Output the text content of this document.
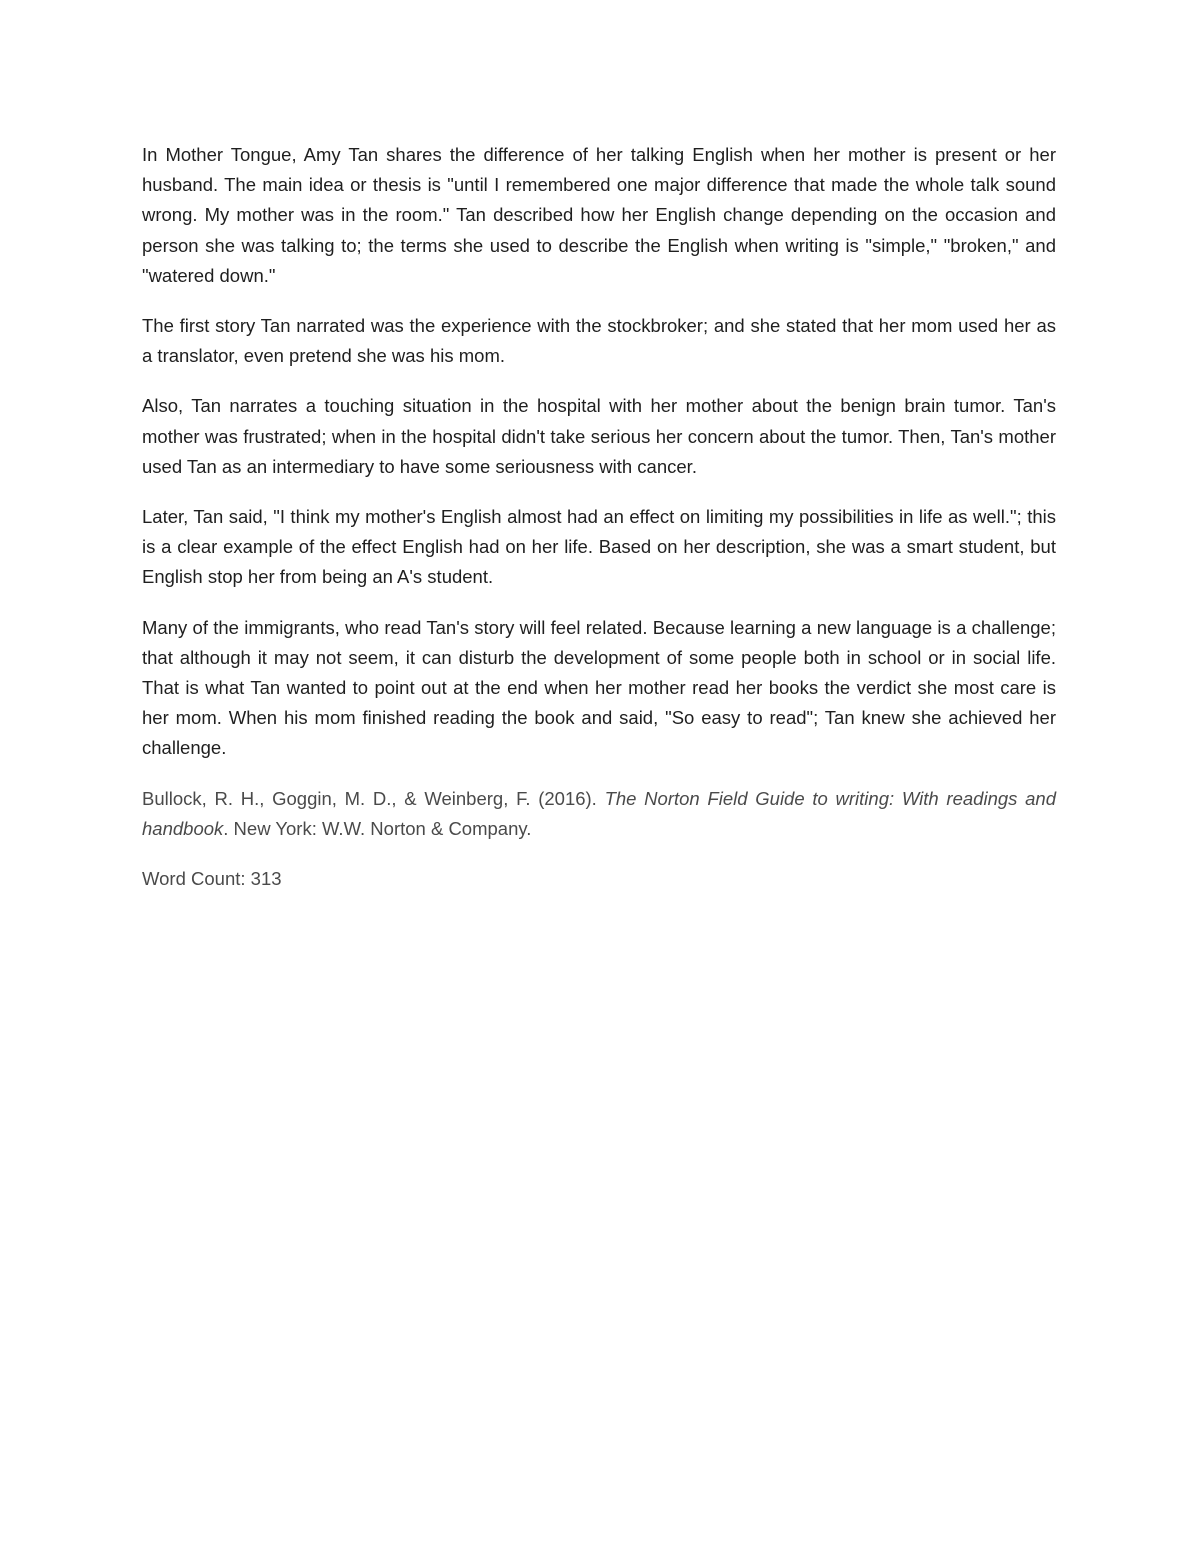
In Mother Tongue, Amy Tan shares the difference of her talking English when her mother is present or her husband. The main idea or thesis is "until I remembered one major difference that made the whole talk sound wrong. My mother was in the room." Tan described how her English change depending on the occasion and person she was talking to; the terms she used to describe the English when writing is "simple," "broken," and "watered down."

The first story Tan narrated was the experience with the stockbroker; and she stated that her mom used her as a translator, even pretend she was his mom.

Also, Tan narrates a touching situation in the hospital with her mother about the benign brain tumor. Tan's mother was frustrated; when in the hospital didn't take serious her concern about the tumor. Then, Tan's mother used Tan as an intermediary to have some seriousness with cancer.

Later, Tan said, "I think my mother's English almost had an effect on limiting my possibilities in life as well."; this is a clear example of the effect English had on her life. Based on her description, she was a smart student, but English stop her from being an A's student.

Many of the immigrants, who read Tan's story will feel related. Because learning a new language is a challenge; that although it may not seem, it can disturb the development of some people both in school or in social life. That is what Tan wanted to point out at the end when her mother read her books the verdict she most care is her mom. When his mom finished reading the book and said, "So easy to read"; Tan knew she achieved her challenge.

Bullock, R. H., Goggin, M. D., & Weinberg, F. (2016). The Norton Field Guide to writing: With readings and handbook. New York: W.W. Norton & Company.

Word Count: 313
